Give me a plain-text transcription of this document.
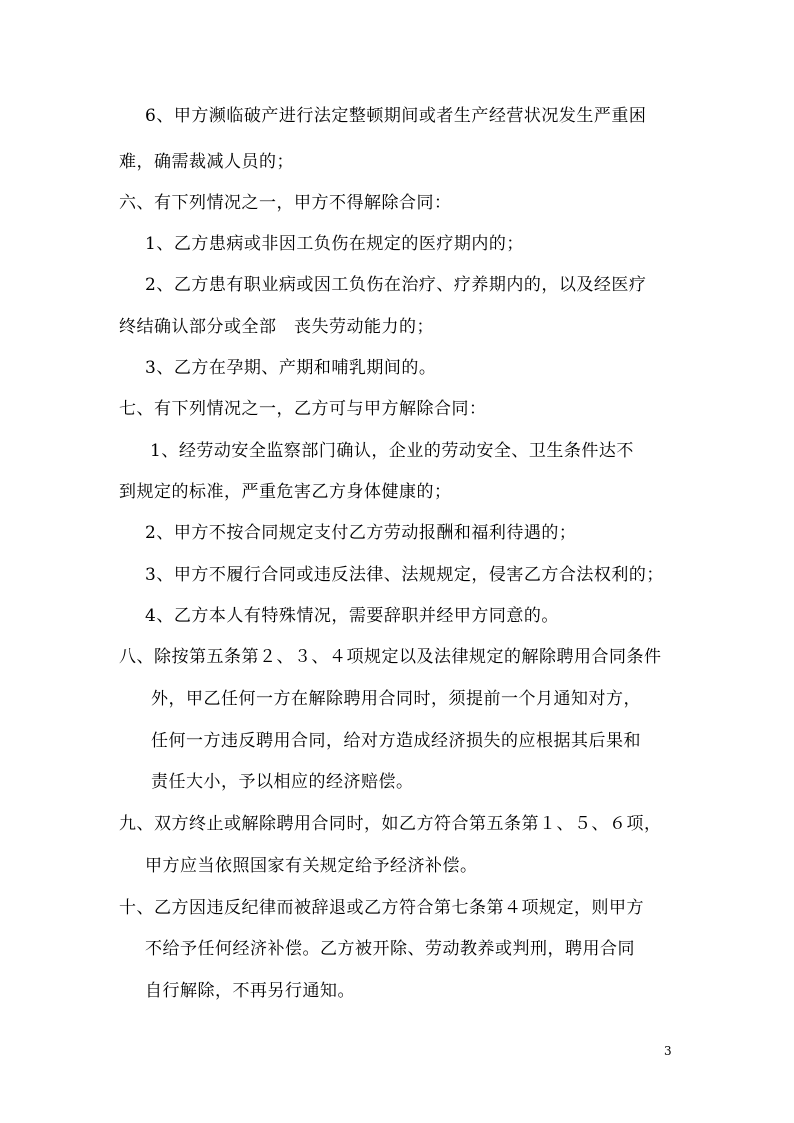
6、甲方濒临破产进行法定整顿期间或者生产经营状况发生严重困
难，确需裁减人员的；
六、有下列情况之一，甲方不得解除合同：
1、乙方患病或非因工负伤在规定的医疗期内的；
2、乙方患有职业病或因工负伤在治疗、疗养期内的，以及经医疗
终结确认部分或全部　丧失劳动能力的；
3、乙方在孕期、产期和哺乳期间的。
七、有下列情况之一，乙方可与甲方解除合同：
1、经劳动安全监察部门确认，企业的劳动安全、卫生条件达不
到规定的标准，严重危害乙方身体健康的；
2、甲方不按合同规定支付乙方劳动报酬和福利待遇的；
3、甲方不履行合同或违反法律、法规规定，侵害乙方合法权利的；
4、乙方本人有特殊情况，需要辞职并经甲方同意的。
八、除按第五条第２、３、４项规定以及法律规定的解除聘用合同条件
外，甲乙任何一方在解除聘用合同时，须提前一个月通知对方，
任何一方违反聘用合同，给对方造成经济损失的应根据其后果和
责任大小，予以相应的经济赔偿。
九、双方终止或解除聘用合同时，如乙方符合第五条第１、５、６项，
甲方应当依照国家有关规定给予经济补偿。
十、乙方因违反纪律而被辞退或乙方符合第七条第４项规定，则甲方
不给予任何经济补偿。乙方被开除、劳动教养或判刑，聘用合同
自行解除，不再另行通知。
3
